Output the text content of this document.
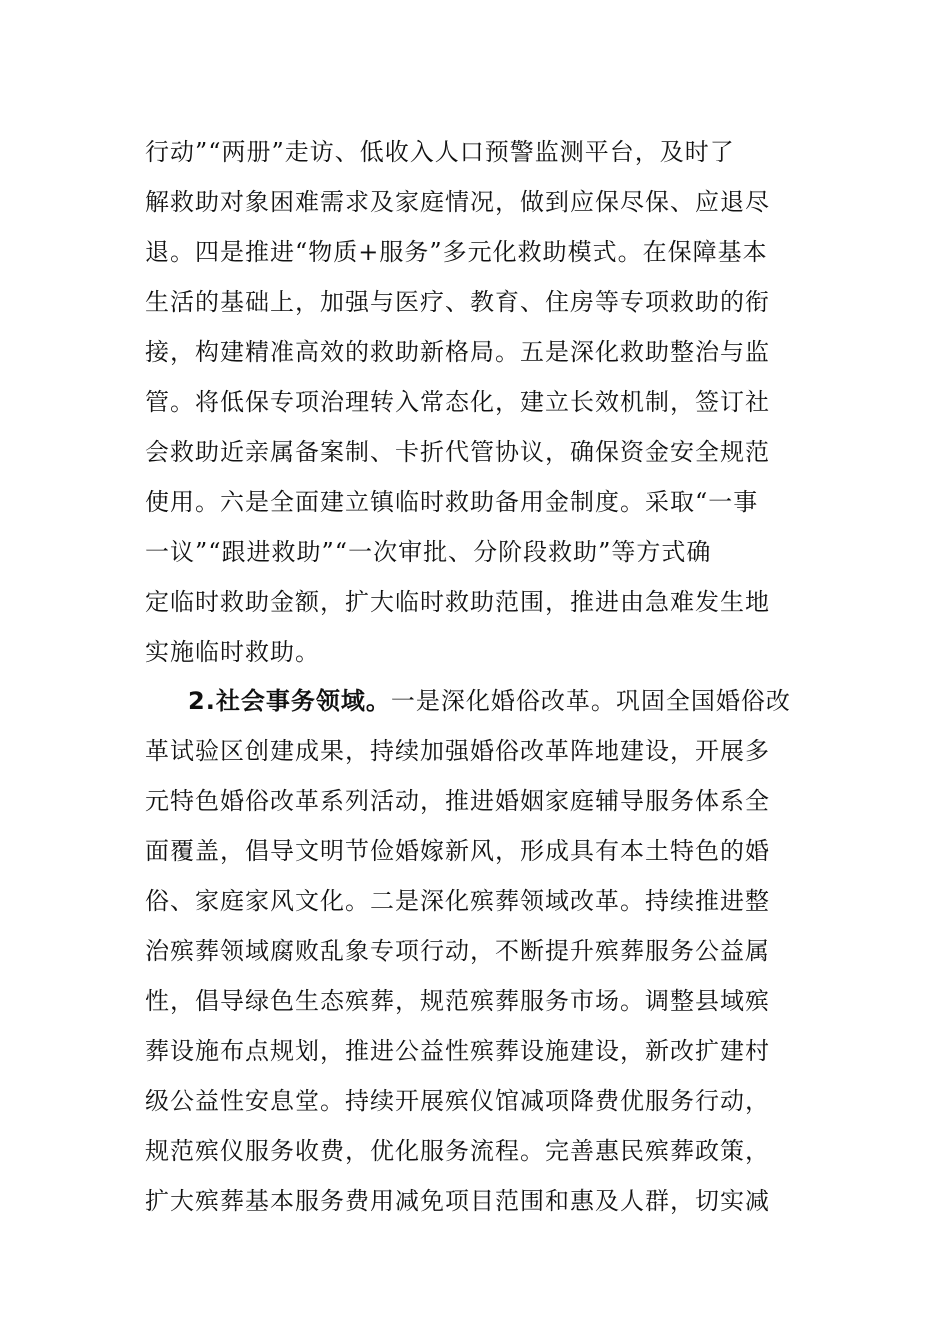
行动”“两册”走访、低收入人口预警监测平台，及时了
解救助对象困难需求及家庭情况，做到应保尽保、应退尽
退。四是推进“物质+服务”多元化救助模式。在保障基本
生活的基础上，加强与医疗、教育、住房等专项救助的衔
接，构建精准高效的救助新格局。五是深化救助整治与监
管。将低保专项治理转入常态化，建立长效机制，签订社
会救助近亲属备案制、卡折代管协议，确保资金安全规范
使用。六是全面建立镇临时救助备用金制度。采取“一事
一议”“跟进救助”“一次审批、分阶段救助”等方式确
定临时救助金额，扩大临时救助范围，推进由急难发生地
实施临时救助。
2.社会事务领域。一是深化婚俗改革。巩固全国婚俗改
革试验区创建成果，持续加强婚俗改革阵地建设，开展多
元特色婚俗改革系列活动，推进婚姻家庭辅导服务体系全
面覆盖，倡导文明节俭婚嫁新风，形成具有本土特色的婚
俗、家庭家风文化。二是深化殡葬领域改革。持续推进整
治殡葬领域腐败乱象专项行动，不断提升殡葬服务公益属
性，倡导绿色生态殡葬，规范殡葬服务市场。调整县域殡
葬设施布点规划，推进公益性殡葬设施建设，新改扩建村
级公益性安息堂。持续开展殡仪馆减项降费优服务行动，
规范殡仪服务收费，优化服务流程。完善惠民殡葬政策，
扩大殡葬基本服务费用减免项目范围和惠及人群，切实减
